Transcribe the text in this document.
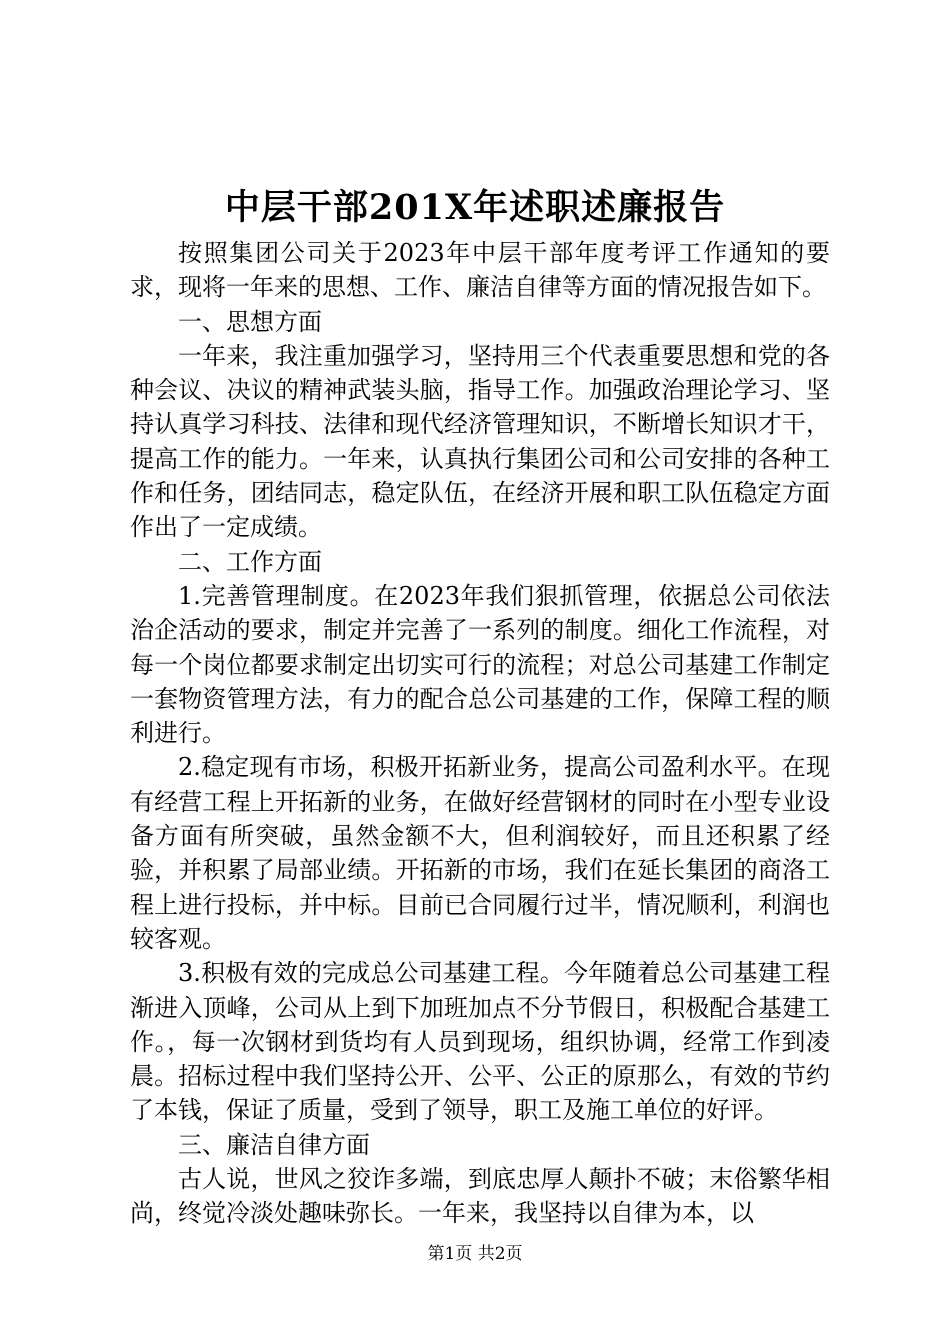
中层干部201X年述职述廉报告

按照集团公司关于2023年中层干部年度考评工作通知的要求，现将一年来的思想、工作、廉洁自律等方面的情况报告如下。

一、思想方面

一年来，我注重加强学习，坚持用三个代表重要思想和党的各种会议、决议的精神武装头脑，指导工作。加强政治理论学习、坚持认真学习科技、法律和现代经济管理知识，不断增长知识才干，提高工作的能力。一年来，认真执行集团公司和公司安排的各种工作和任务，团结同志，稳定队伍，在经济开展和职工队伍稳定方面作出了一定成绩。

二、工作方面

1.完善管理制度。在2023年我们狠抓管理，依据总公司依法治企活动的要求，制定并完善了一系列的制度。细化工作流程，对每一个岗位都要求制定出切实可行的流程；对总公司基建工作制定一套物资管理方法，有力的配合总公司基建的工作，保障工程的顺利进行。

2.稳定现有市场，积极开拓新业务，提高公司盈利水平。在现有经营工程上开拓新的业务，在做好经营钢材的同时在小型专业设备方面有所突破，虽然金额不大，但利润较好，而且还积累了经验，并积累了局部业绩。开拓新的市场，我们在延长集团的商洛工程上进行投标，并中标。目前已合同履行过半，情况顺利，利润也较客观。

3.积极有效的完成总公司基建工程。今年随着总公司基建工程渐进入顶峰，公司从上到下加班加点不分节假日，积极配合基建工作。，每一次钢材到货均有人员到现场，组织协调，经常工作到凌晨。招标过程中我们坚持公开、公平、公正的原那么，有效的节约了本钱，保证了质量，受到了领导，职工及施工单位的好评。

三、廉洁自律方面

古人说，世风之狡诈多端，到底忠厚人颠扑不破；末俗繁华相尚，终觉冷淡处趣味弥长。一年来，我坚持以自律为本，以

第1页 共2页
